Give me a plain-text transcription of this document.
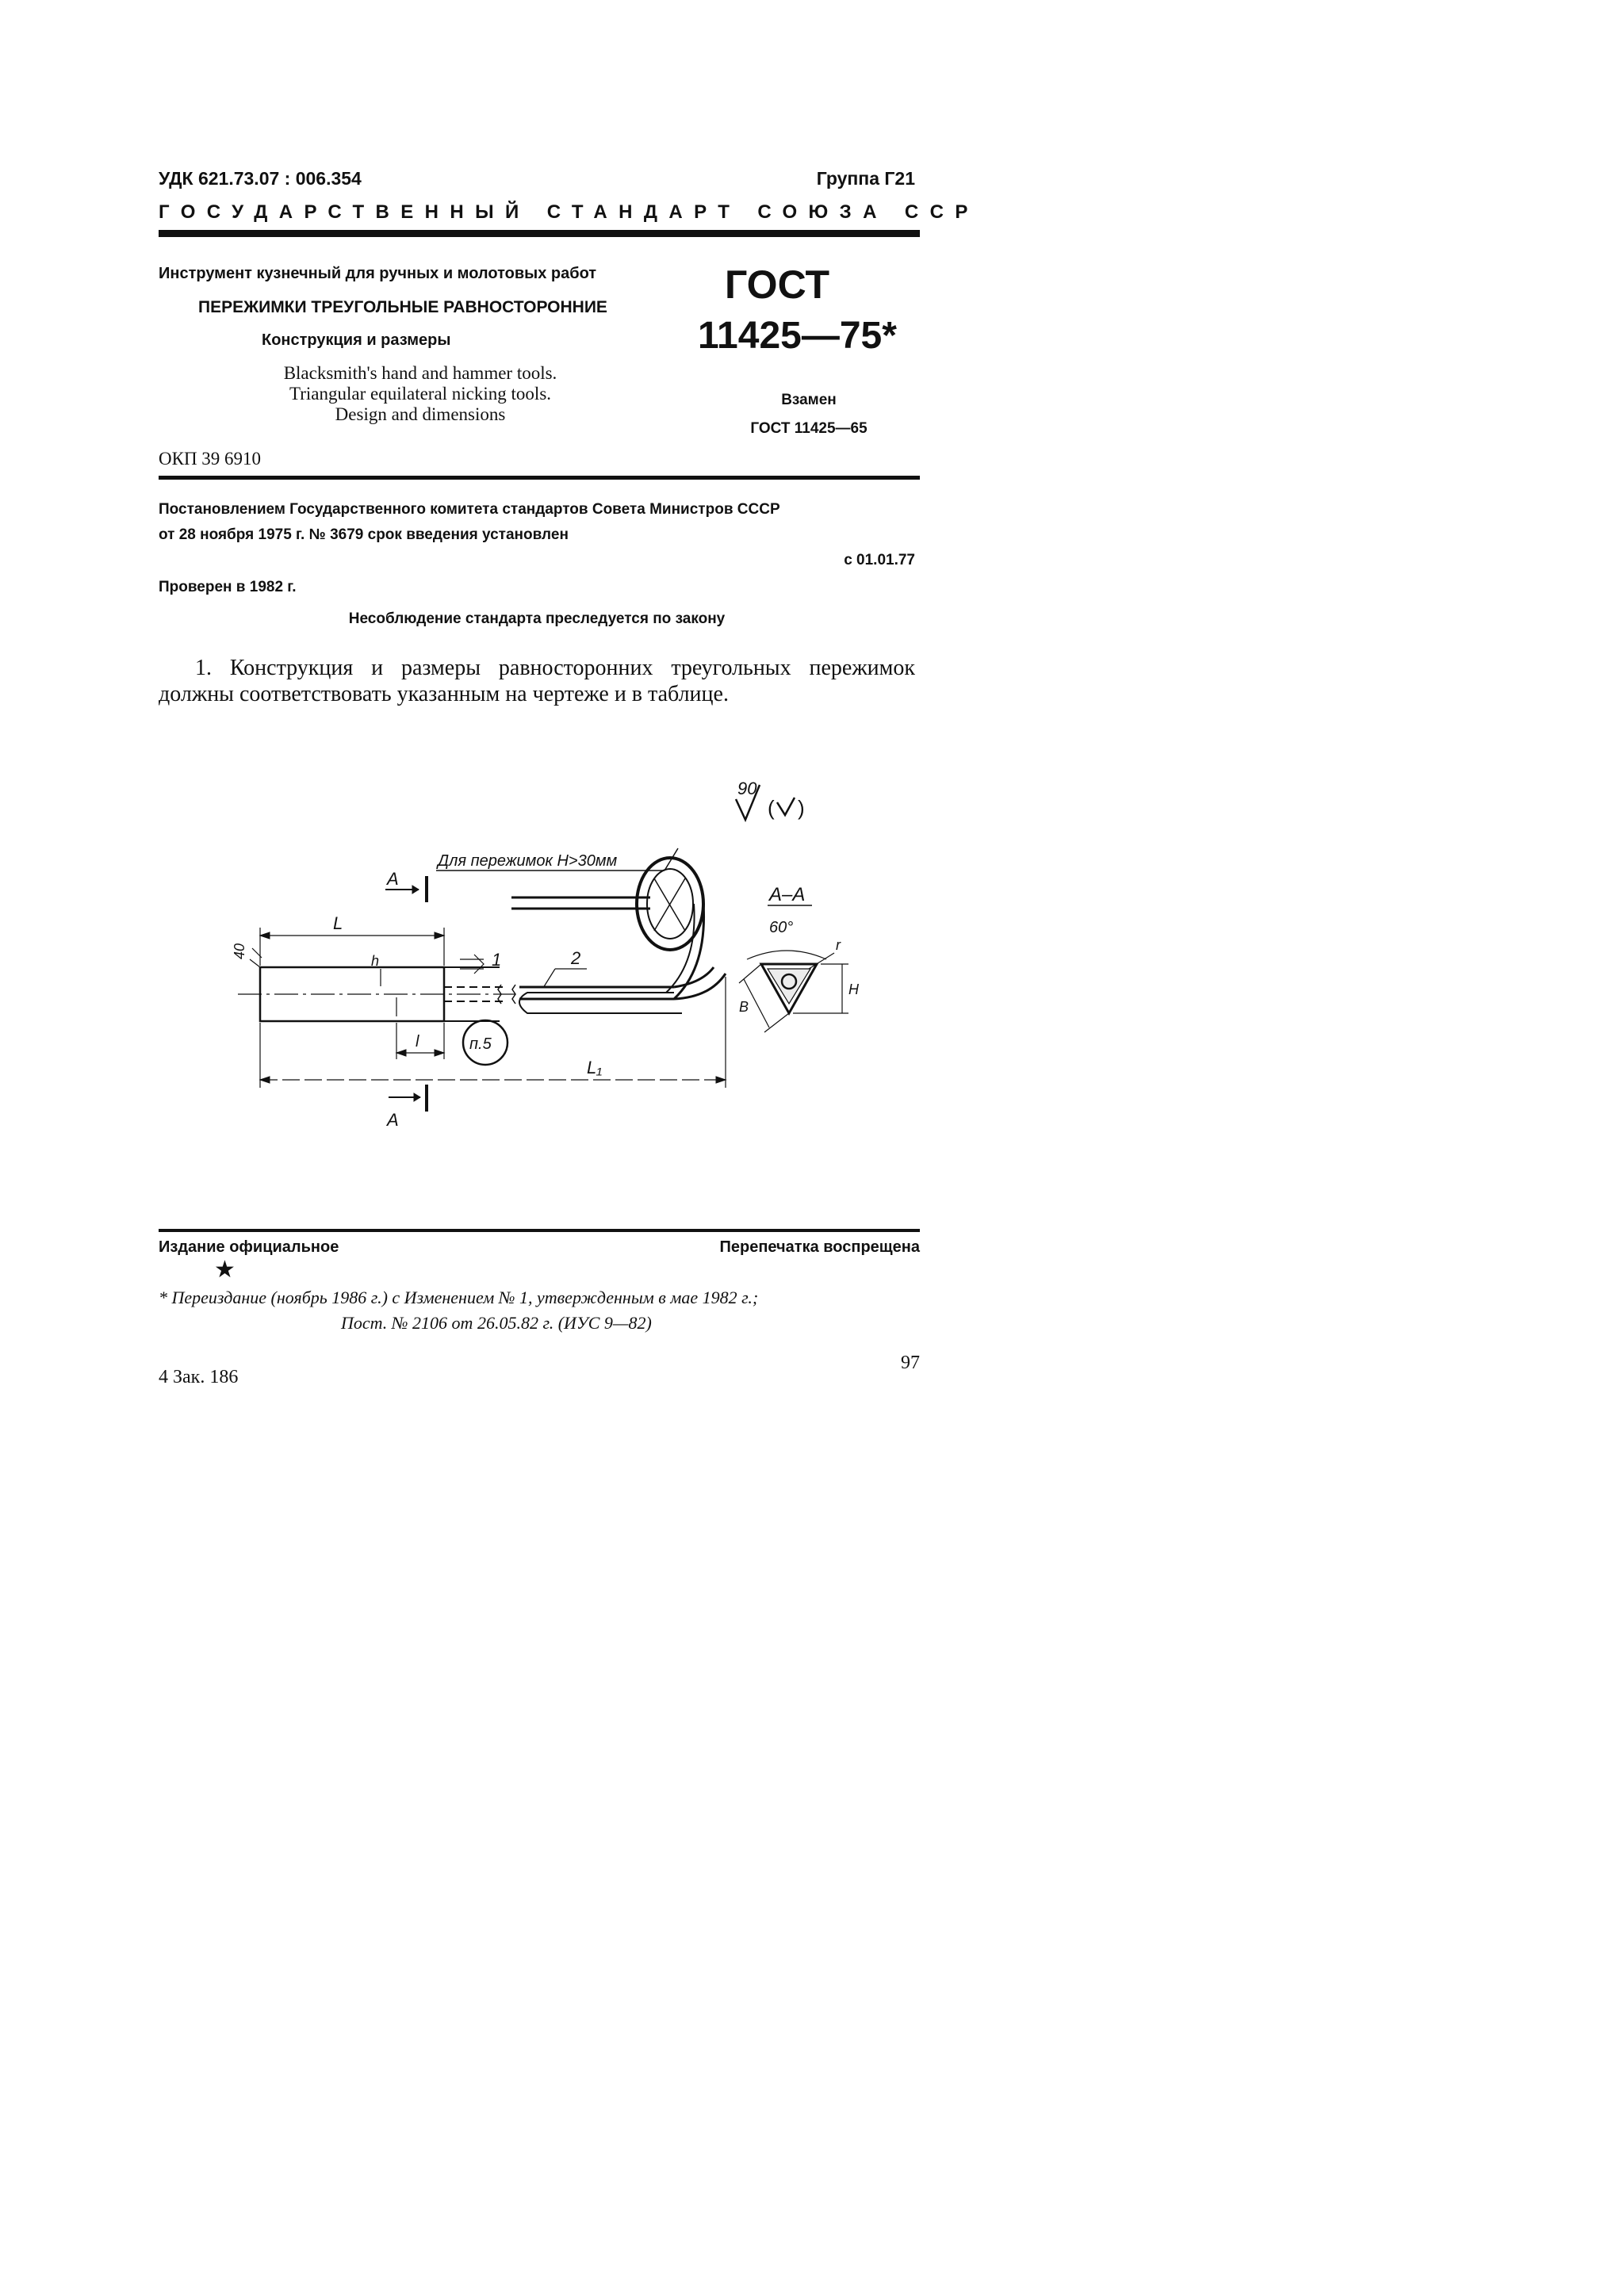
УДК 621.73.07 : 006.354	Группа Г21
ГОСУДАРСТВЕННЫЙ СТАНДАРТ СОЮЗА ССР
Инструмент кузнечный для ручных и молотовых работ
ПЕРЕЖИМКИ ТРЕУГОЛЬНЫЕ РАВНОСТОРОННИЕ
Конструкция и размеры
Blacksmith's hand and hammer tools.
Triangular equilateral nicking tools.
Design and dimensions
ГОСТ
11425—75*
Взамен
ГОСТ 11425—65
ОКП 39 6910
Постановлением Государственного комитета стандартов Совета Министров СССР
от 28 ноября 1975 г. № 3679 срок введения установлен
с 01.01.77
Проверен в 1982 г.
Несоблюдение стандарта преследуется по закону
1. Конструкция и размеры равносторонних треугольных пережимок должны соответствовать указанным на чертеже и в таблице.
90
( )
Для пережимок H>30мм
A
L
40
h	1	2
l	п.5
L₁
A
A–A
60°
r
H
B
Издание официальное	Перепечатка воспрещена
★
* Переиздание (ноябрь 1986 г.) с Изменением № 1, утвержденным в мае 1982 г.;
Пост. № 2106 от 26.05.82 г. (ИУС 9—82)
4 Зак. 186
97
